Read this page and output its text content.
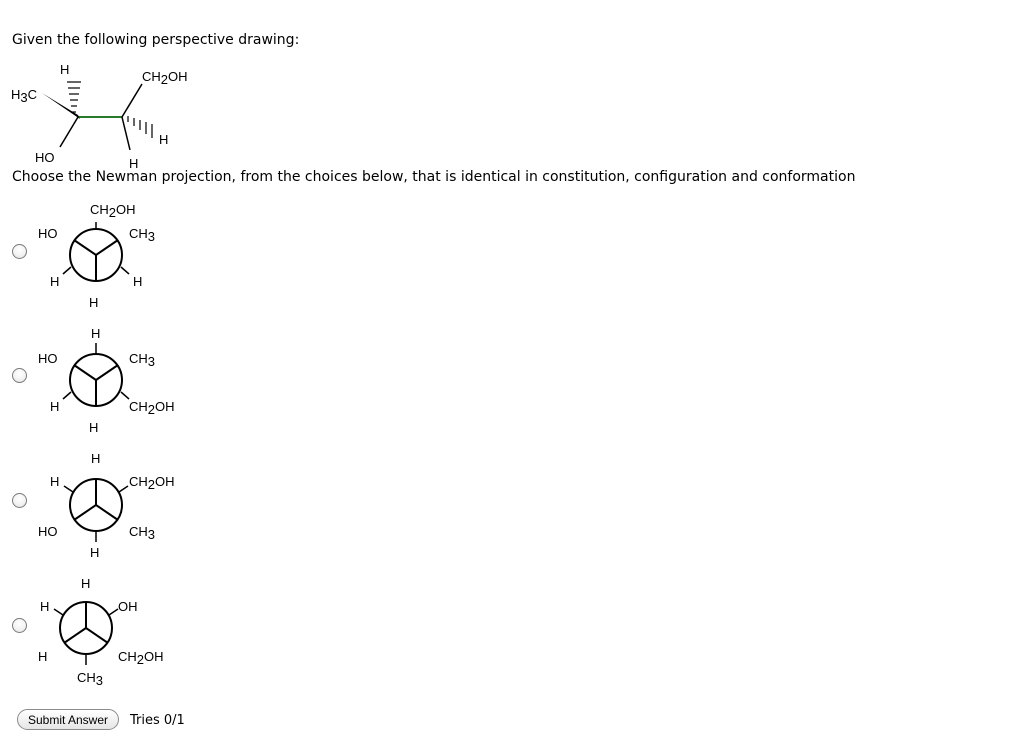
Given the following perspective drawing:
H
H3C
HO
CH2OH
H
H
Choose the Newman projection, from the choices below, that is identical in constitution, configuration and conformation
CH2OH
HO	CH3
H	H
H
H
HO	CH3
H	CH2OH
H
H
H	CH2OH
HO	CH3
H
H
H	OH
H	CH2OH
CH3
Submit Answer	Tries 0/1
